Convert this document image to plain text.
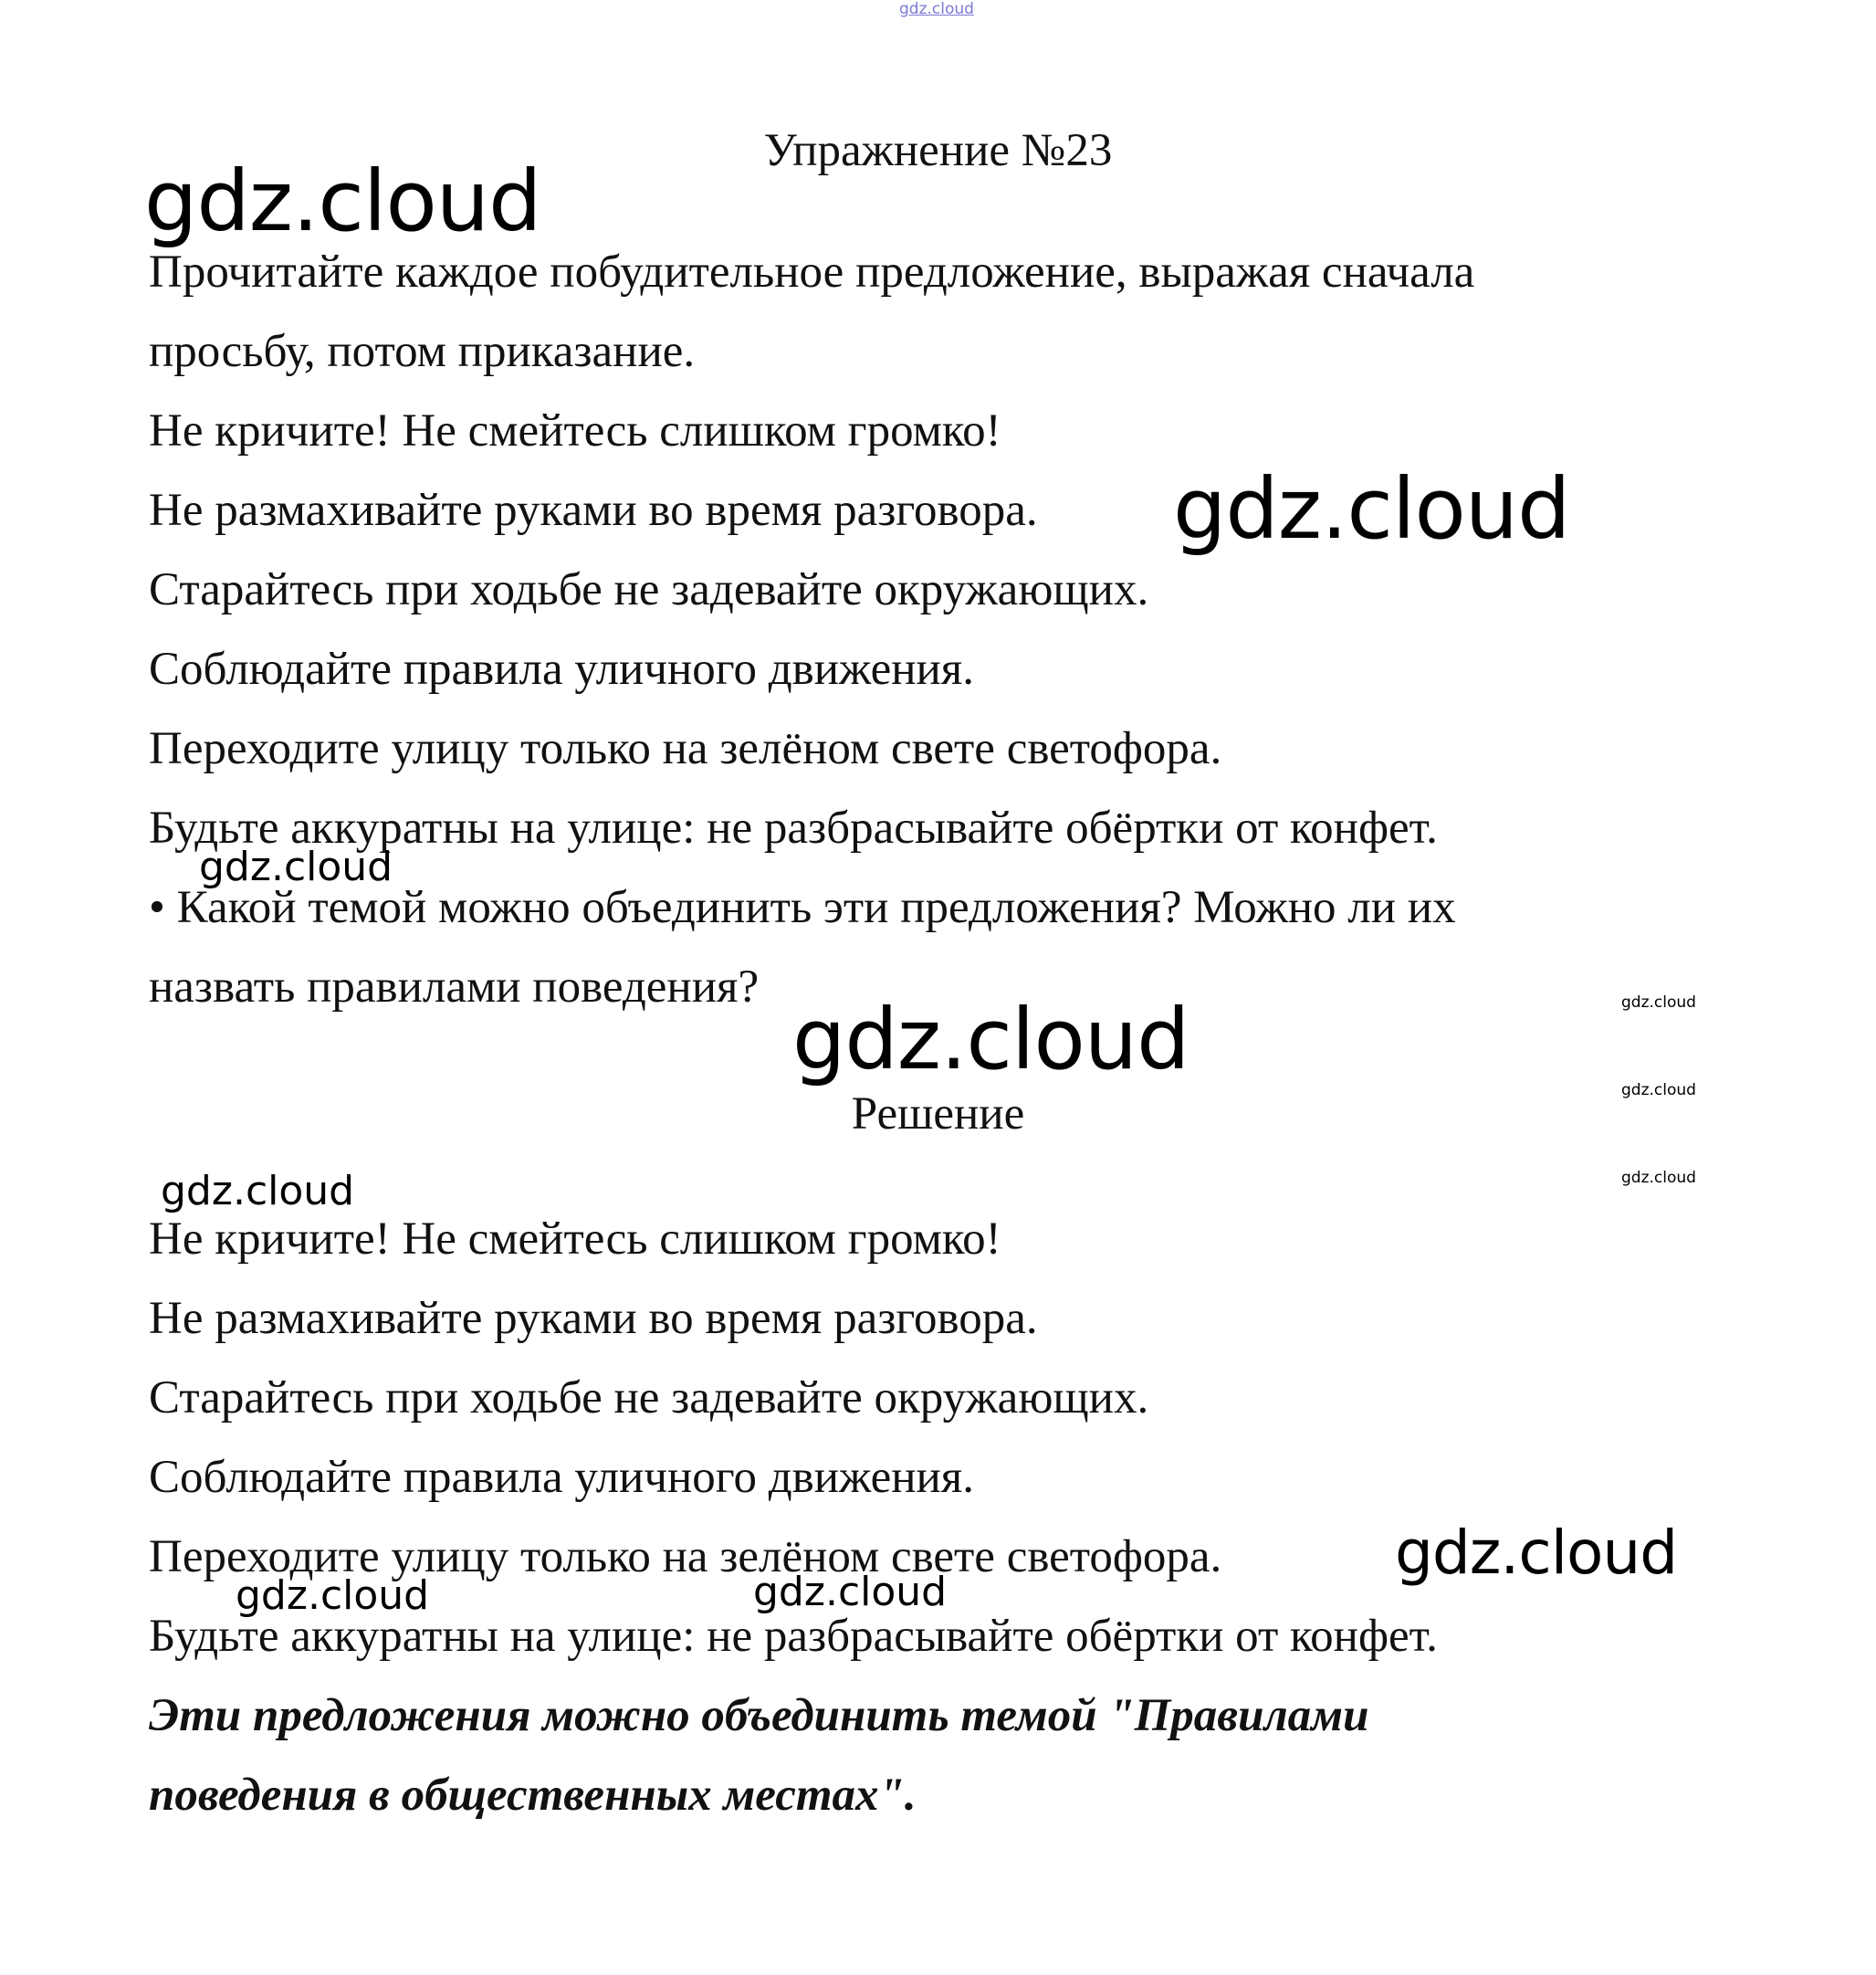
gdz.cloud
Упражнение №23
gdz.cloud
Прочитайте каждое побудительное предложение, выражая сначала
просьбу, потом приказание.
Не кричите! Не смейтесь слишком громко!
Не размахивайте руками во время разговора. gdz.cloud
Старайтесь при ходьбе не задевайте окружающих.
Соблюдайте правила уличного движения.
Переходите улицу только на зелёном свете светофора.
Будьте аккуратны на улице: не разбрасывайте обёртки от конфет.
gdz.cloud
• Какой темой можно объединить эти предложения? Можно ли их
назвать правилами поведения?	gdz.cloud
gdz.cloud
gdz.cloud
gdz.cloud
Решение
gdz.cloud
Не кричите! Не смейтесь слишком громко!
Не размахивайте руками во время разговора.
Старайтесь при ходьбе не задевайте окружающих.
Соблюдайте правила уличного движения.
Переходите улицу только на зелёном свете светофора.	gdz.cloud
gdz.cloud	gdz.cloud
Будьте аккуратны на улице: не разбрасывайте обёртки от конфет.
Эти предложения можно объединить темой "Правилами
поведения в общественных местах".
